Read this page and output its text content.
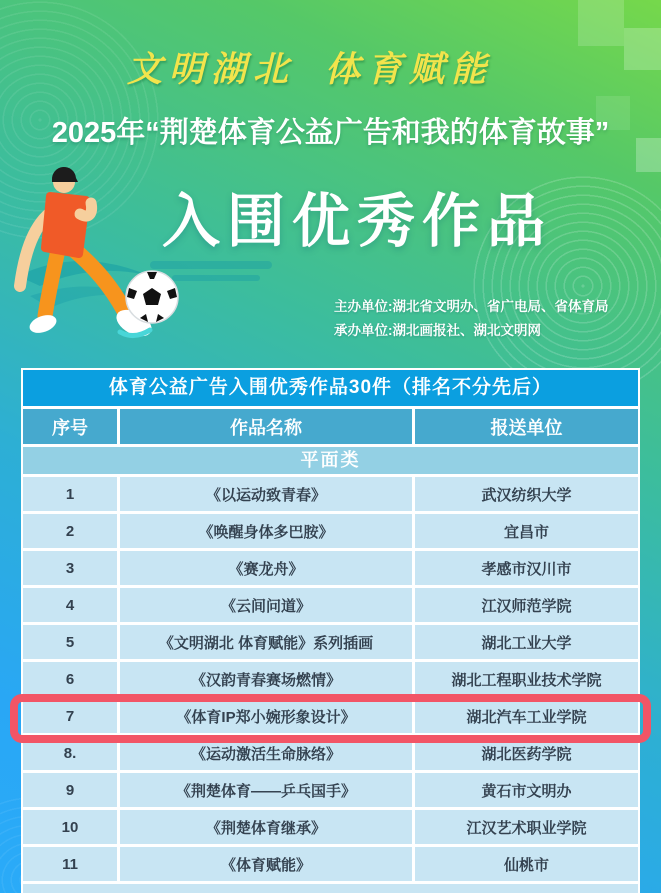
文明湖北 体育赋能
2025年“荆楚体育公益广告和我的体育故事”
入围优秀作品
主办单位:湖北省文明办、省广电局、省体育局
承办单位:湖北画报社、湖北文明网
体育公益广告入围优秀作品30件（排名不分先后）
序号	作品名称	报送单位
平面类
1	《以运动致青春》	武汉纺织大学
2	《唤醒身体多巴胺》	宜昌市
3	《赛龙舟》	孝感市汉川市
4	《云间问道》	江汉师范学院
5	《文明湖北 体育赋能》系列插画	湖北工业大学
6	《汉韵青春赛场燃情》	湖北工程职业技术学院
7	《体育IP郑小婉形象设计》	湖北汽车工业学院
8.	《运动激活生命脉络》	湖北医药学院
9	《荆楚体育——乒乓国手》	黄石市文明办
10	《荆楚体育继承》	江汉艺术职业学院
11	《体育赋能》	仙桃市
